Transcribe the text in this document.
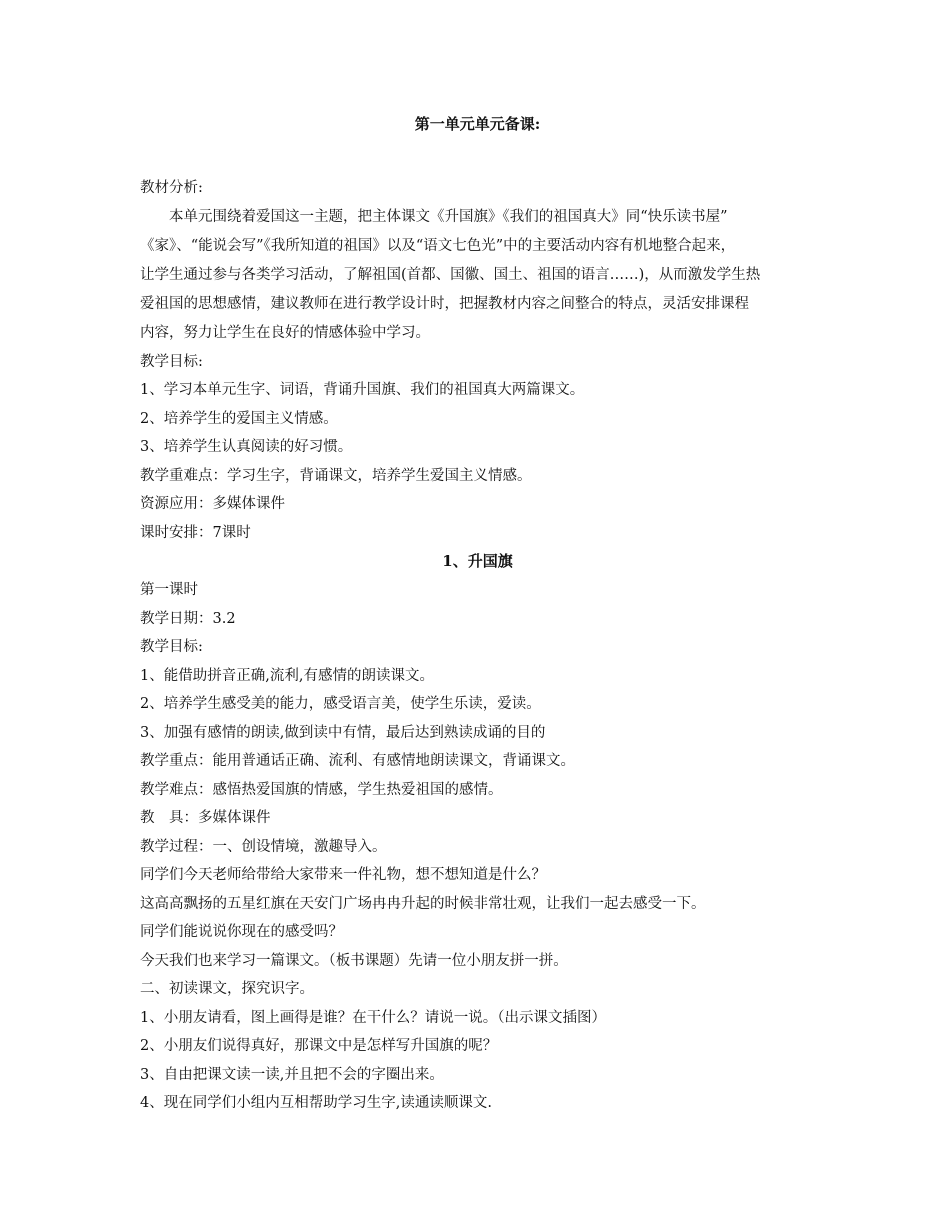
第一单元单元备课:

教材分析:

本单元围绕着爱国这一主题，把主体课文《升国旗》《我们的祖国真大》同“快乐读书屋”
《家》、“能说会写”《我所知道的祖国》以及“语文七色光”中的主要活动内容有机地整合起来，
让学生通过参与各类学习活动，了解祖国(首都、国徽、国土、祖国的语言……)，从而激发学生热
爱祖国的思想感情，建议教师在进行教学设计时，把握教材内容之间整合的特点，灵活安排课程
内容，努力让学生在良好的情感体验中学习。

教学目标:

1、学习本单元生字、词语，背诵升国旗、我们的祖国真大两篇课文。

2、培养学生的爱国主义情感。

3、培养学生认真阅读的好习惯。

教学重难点：学习生字，背诵课文，培养学生爱国主义情感。

资源应用：多媒体课件

课时安排：7课时

1、升国旗

第一课时

教学日期：3.2

教学目标:

1、能借助拼音正确,流利,有感情的朗读课文。

2、培养学生感受美的能力，感受语言美，使学生乐读，爱读。

3、加强有感情的朗读,做到读中有情，最后达到熟读成诵的目的

教学重点：能用普通话正确、流利、有感情地朗读课文，背诵课文。

教学难点：感悟热爱国旗的情感，学生热爱祖国的感情。

教　具：多媒体课件

教学过程：一、创设情境，激趣导入。

同学们今天老师给带给大家带来一件礼物，想不想知道是什么？

这高高飘扬的五星红旗在天安门广场冉冉升起的时候非常壮观，让我们一起去感受一下。

同学们能说说你现在的感受吗？

今天我们也来学习一篇课文。（板书课题）先请一位小朋友拼一拼。

二、初读课文，探究识字。

1、小朋友请看，图上画得是谁？在干什么？请说一说。（出示课文插图）

2、小朋友们说得真好，那课文中是怎样写升国旗的呢？

3、自由把课文读一读,并且把不会的字圈出来。

4、现在同学们小组内互相帮助学习生字,读通读顺课文.
